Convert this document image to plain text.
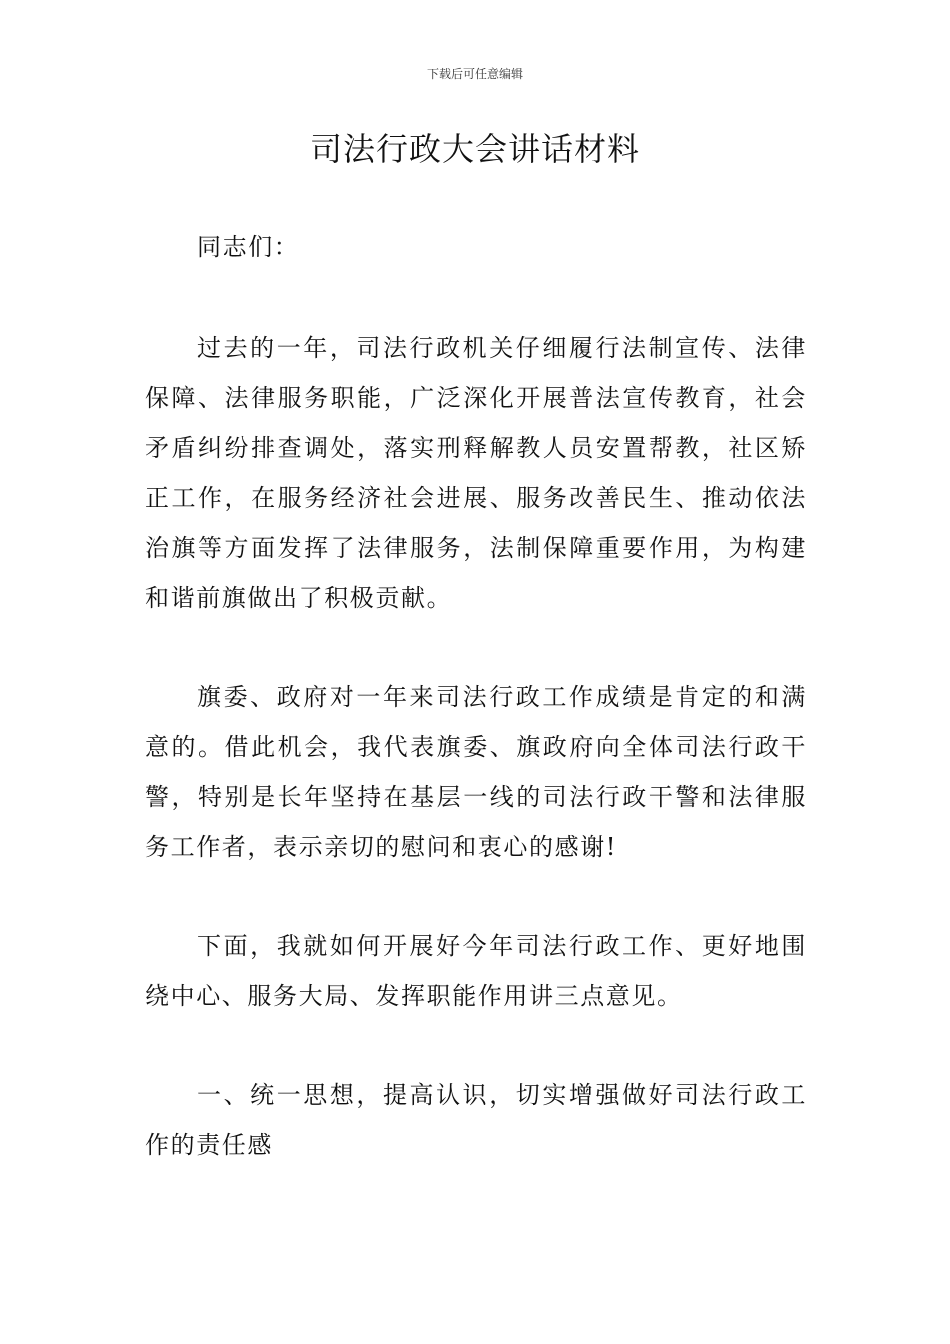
下载后可任意编辑
司法行政大会讲话材料

同志们：

过去的一年，司法行政机关仔细履行法制宣传、法律保障、法律服务职能，广泛深化开展普法宣传教育，社会矛盾纠纷排查调处，落实刑释解教人员安置帮教，社区矫正工作，在服务经济社会进展、服务改善民生、推动依法治旗等方面发挥了法律服务，法制保障重要作用，为构建和谐前旗做出了积极贡献。

旗委、政府对一年来司法行政工作成绩是肯定的和满意的。借此机会，我代表旗委、旗政府向全体司法行政干警，特别是长年坚持在基层一线的司法行政干警和法律服务工作者，表示亲切的慰问和衷心的感谢!

下面，我就如何开展好今年司法行政工作、更好地围绕中心、服务大局、发挥职能作用讲三点意见。

一、统一思想，提高认识，切实增强做好司法行政工作的责任感
